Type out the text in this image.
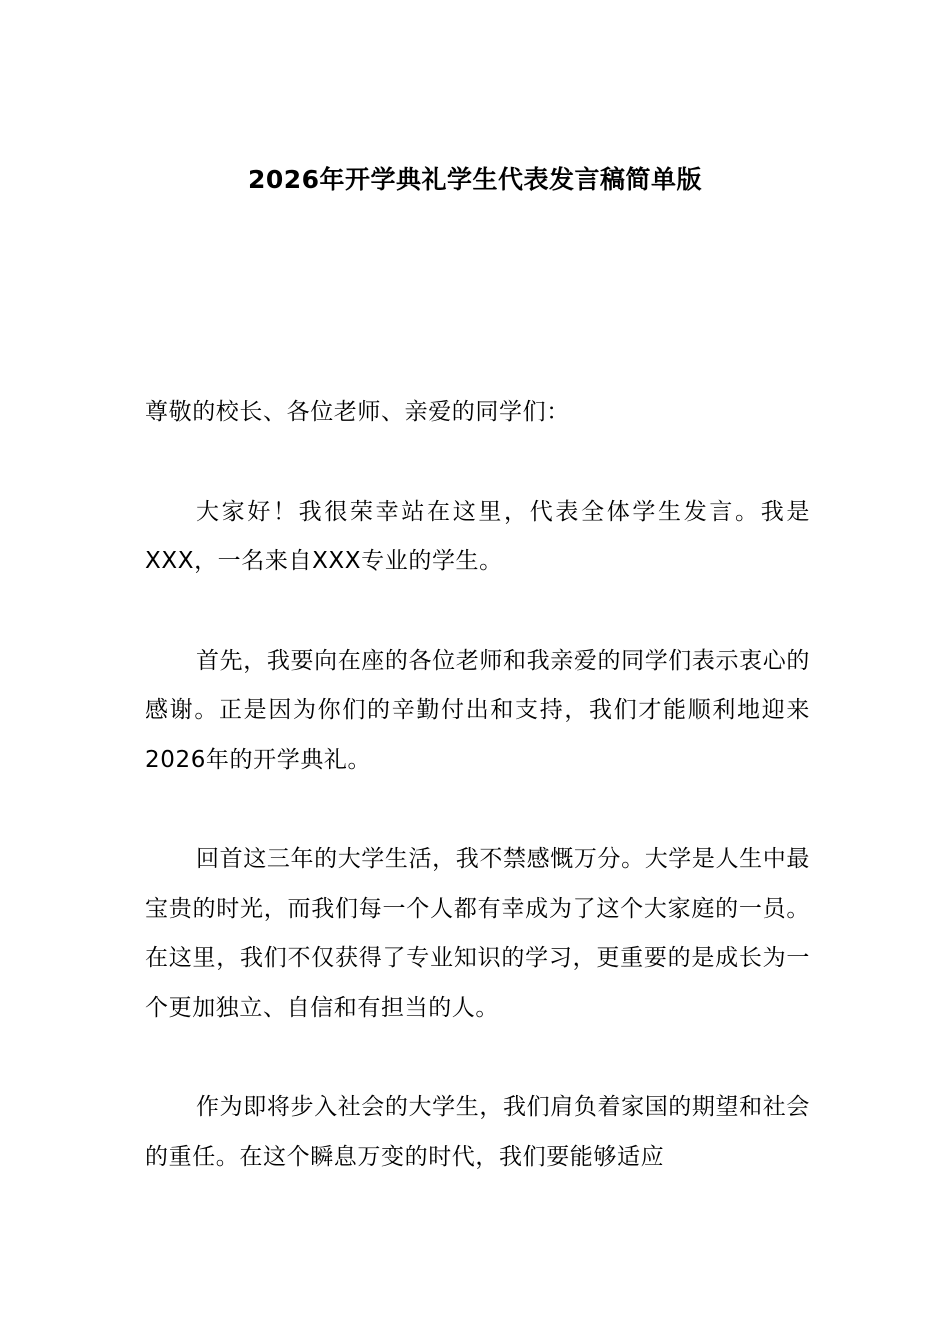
2026年开学典礼学生代表发言稿简单版

尊敬的校长、各位老师、亲爱的同学们：

大家好！我很荣幸站在这里，代表全体学生发言。我是XXX，一名来自XXX专业的学生。

首先，我要向在座的各位老师和我亲爱的同学们表示衷心的感谢。正是因为你们的辛勤付出和支持，我们才能顺利地迎来2026年的开学典礼。

回首这三年的大学生活，我不禁感慨万分。大学是人生中最宝贵的时光，而我们每一个人都有幸成为了这个大家庭的一员。在这里，我们不仅获得了专业知识的学习，更重要的是成长为一个更加独立、自信和有担当的人。

作为即将步入社会的大学生，我们肩负着家国的期望和社会的重任。在这个瞬息万变的时代，我们要能够适应
